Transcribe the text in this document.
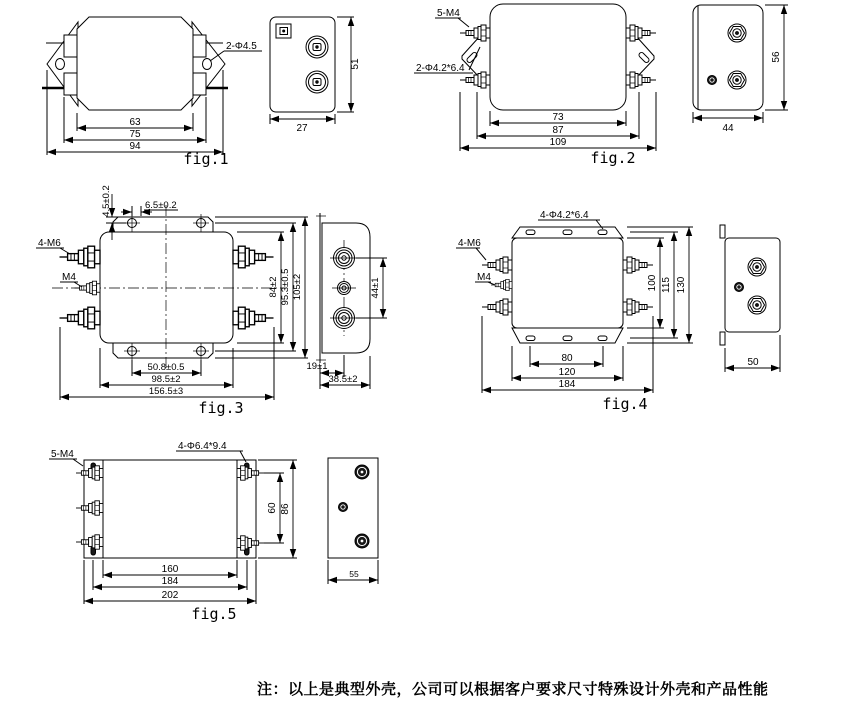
2-Φ4.5
63
75
94
fig.1
51
27
5-M4
2-Φ4.2*6.4
73
87
109
fig.2
56
44
4-M6
M4
4.5±0.2	6.5±0.2
50.8±0.5
98.5±2
156.5±3
84±2 95.3±0.5 105±2
fig.3
44±1
19±1
38.5±2
4-Φ4.2*6.4
4-M6
M4	100 115 130
80
120
184
fig.4
50
5-M4
4-Φ6.4*9.4
60 86
160
184
202
fig.5
55
注：以上是典型外壳，公司可以根据客户要求尺寸特殊设计外壳和产品性能
